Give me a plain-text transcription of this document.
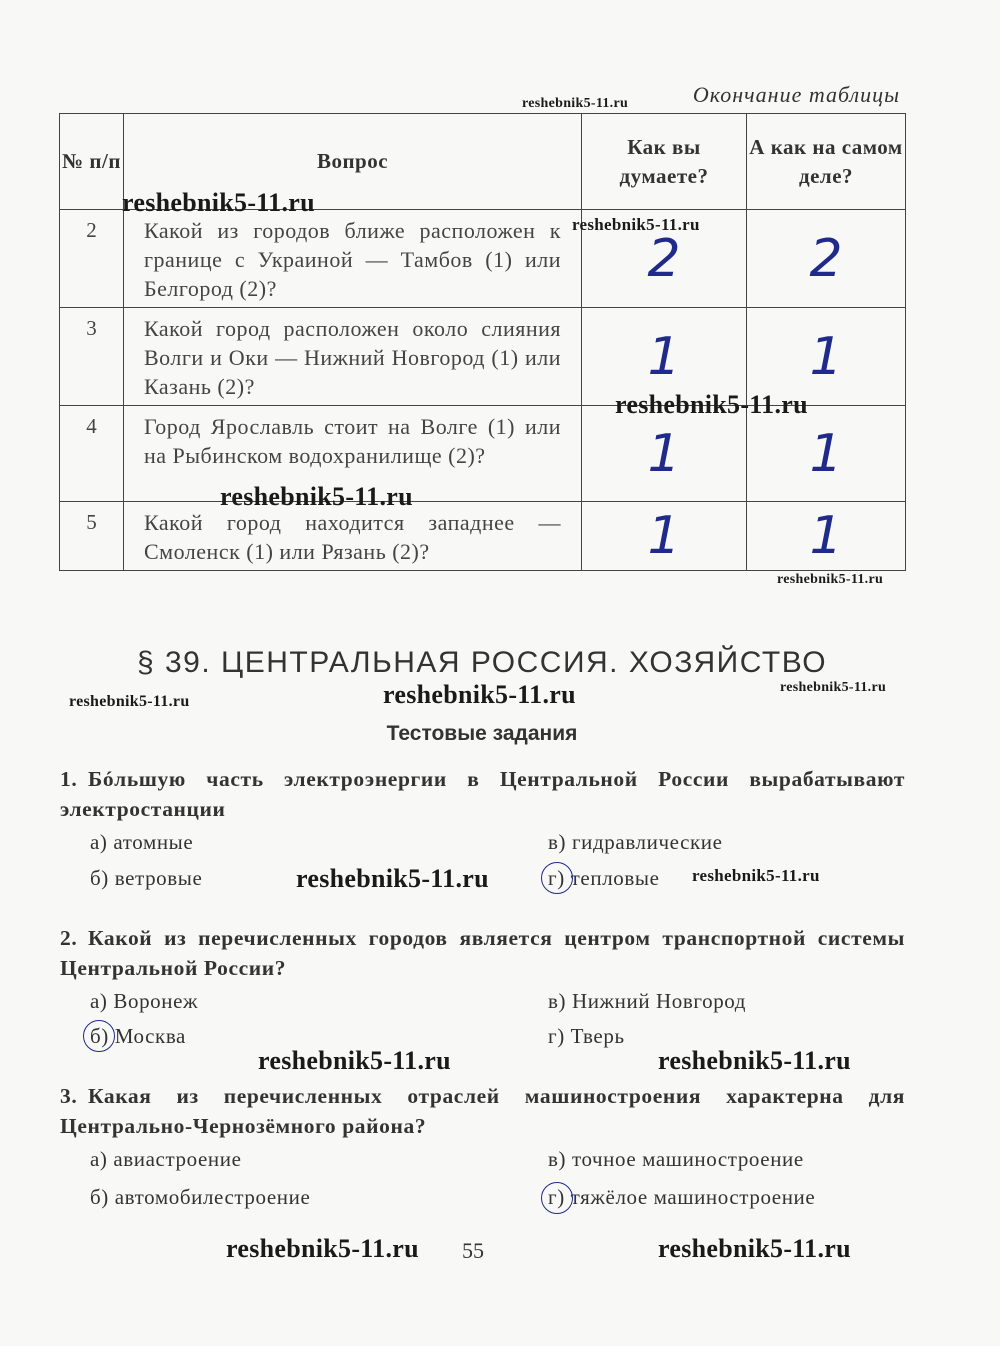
Окончание таблицы
№ п/п	Вопрос	Как вы думаете?	А как на самом деле?
2	Какой из городов ближе расположен к границе с Украиной — Тамбов (1) или Белгород (2)?	2	2

3	Какой город расположен около слияния Волги и Оки — Нижний Новгород (1) или Казань (2)?	1	1

4	Город Ярославль стоит на Волге (1) или на Рыбинском водохранилище (2)?	1	1

5	Какой город находится западнее — Смоленск (1) или Рязань (2)?	1	1
§ 39. ЦЕНТРАЛЬНАЯ РОССИЯ. ХОЗЯЙСТВО
Тестовые задания
1. Бóльшую часть электроэнергии в Центральной России вырабатывают электростанции
а) атомные
б) ветровые
в) гидравлические
г) тепловые
2. Какой из перечисленных городов является центром транспортной системы Центральной России?
а) Воронеж
б) Москва
в) Нижний Новгород
г) Тверь
3. Какая из перечисленных отраслей машиностроения характерна для Центрально-Чернозёмного района?
а) авиастроение
б) автомобилестроение
в) точное машиностроение
г) тяжёлое машиностроение
reshebnik5-11.ru
reshebnik5-11.ru
reshebnik5-11.ru
reshebnik5-11.ru
reshebnik5-11.ru
reshebnik5-11.ru
reshebnik5-11.ru	reshebnik5-11.ru	reshebnik5-11.ru
reshebnik5-11.ru	reshebnik5-11.ru
reshebnik5-11.ru	reshebnik5-11.ru
reshebnik5-11.ru 55	reshebnik5-11.ru
